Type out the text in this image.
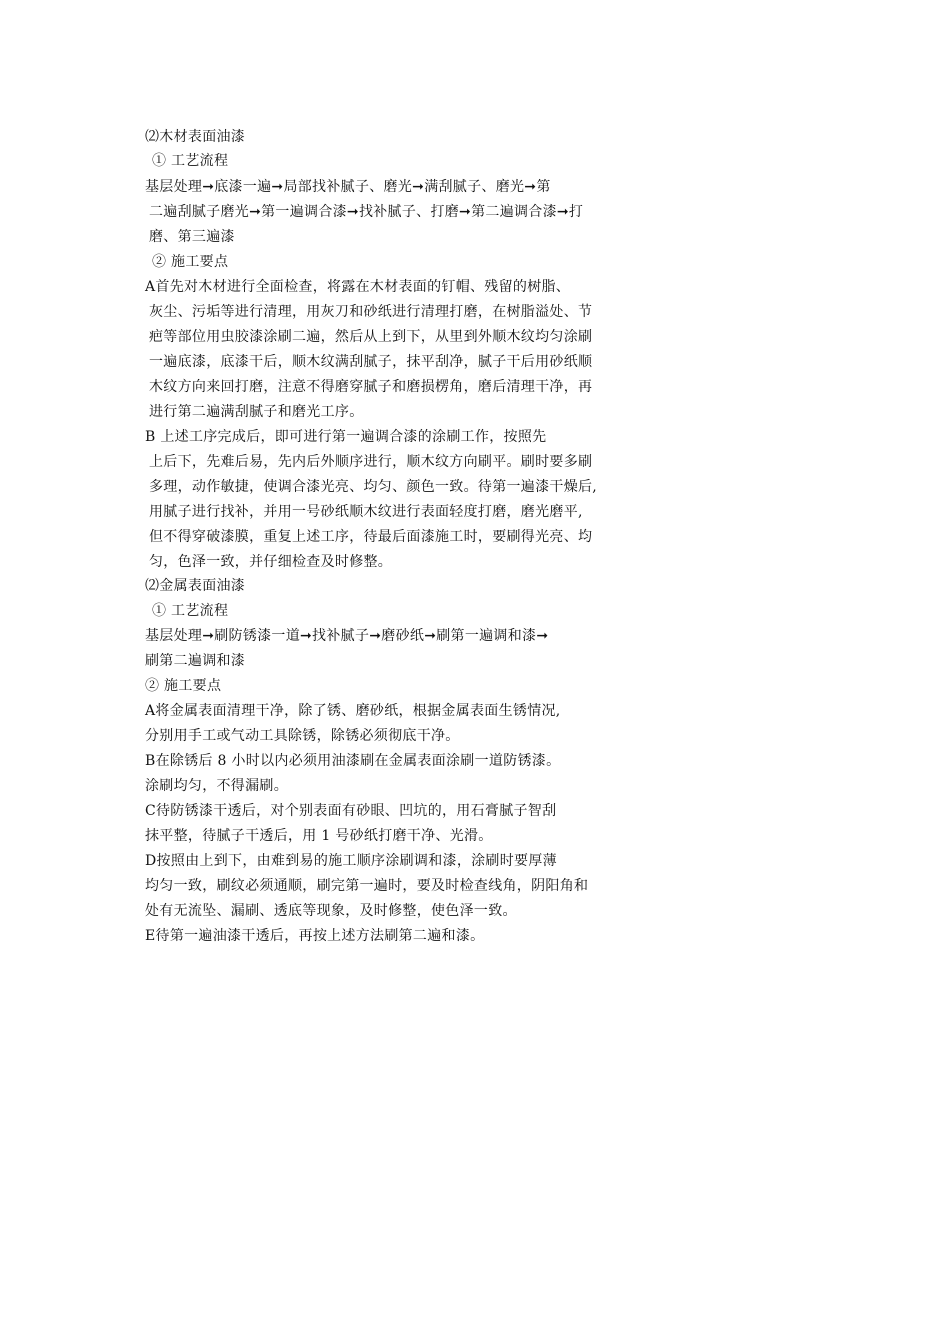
⑵木材表面油漆
① 工艺流程
基层处理➞底漆一遍➞局部找补腻子、磨光➞满刮腻子、磨光➞第
二遍刮腻子磨光➞第一遍调合漆➞找补腻子、打磨➞第二遍调合漆➞打
磨、第三遍漆
② 施工要点
A首先对木材进行全面检查，将露在木材表面的钉帽、残留的树脂、
灰尘、污垢等进行清理，用灰刀和砂纸进行清理打磨，在树脂溢处、节
疤等部位用虫胶漆涂刷二遍，然后从上到下，从里到外顺木纹均匀涂刷
一遍底漆，底漆干后，顺木纹满刮腻子，抹平刮净，腻子干后用砂纸顺
木纹方向来回打磨，注意不得磨穿腻子和磨损楞角，磨后清理干净，再
进行第二遍满刮腻子和磨光工序。
B 上述工序完成后，即可进行第一遍调合漆的涂刷工作，按照先
上后下，先难后易，先内后外顺序进行，顺木纹方向刷平。刷时要多刷
多理，动作敏捷，使调合漆光亮、均匀、颜色一致。待第一遍漆干燥后,
用腻子进行找补，并用一号砂纸顺木纹进行表面轻度打磨，磨光磨平,
但不得穿破漆膜，重复上述工序，待最后面漆施工时，要刷得光亮、均
匀，色泽一致，并仔细检查及时修整。
⑵金属表面油漆
① 工艺流程
基层处理➞刷防锈漆一道➞找补腻子➞磨砂纸➞刷第一遍调和漆➞
刷第二遍调和漆
② 施工要点
A将金属表面清理干净，除了锈、磨砂纸，根据金属表面生锈情况,
分别用手工或气动工具除锈，除锈必须彻底干净。
B在除锈后 8 小时以内必须用油漆刷在金属表面涂刷一道防锈漆。
涂刷均匀，不得漏刷。
C待防锈漆干透后，对个别表面有砂眼、凹坑的，用石膏腻子智刮
抹平整，待腻子干透后，用 1 号砂纸打磨干净、光滑。
D按照由上到下，由难到易的施工顺序涂刷调和漆，涂刷时要厚薄
均匀一致，刷纹必须通顺，刷完第一遍时，要及时检查线角，阴阳角和
处有无流坠、漏刷、透底等现象，及时修整，使色泽一致。
E待第一遍油漆干透后，再按上述方法刷第二遍和漆。
